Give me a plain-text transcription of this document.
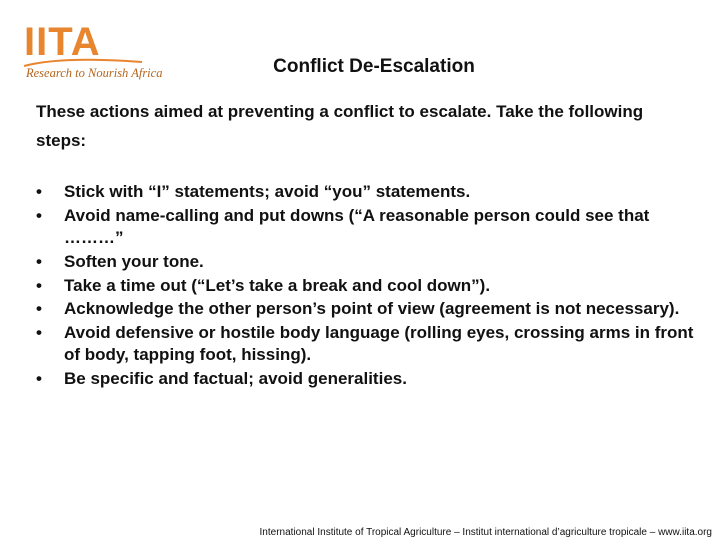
IITA
Research to Nourish Africa	Conflict De-Escalation
These actions aimed at preventing a conflict to escalate. Take the following steps:
• Stick with “I” statements; avoid “you” statements.
• Avoid name-calling and put downs (“A reasonable person could see that ………”
• Soften your tone.
• Take a time out (“Let’s take a break and cool down”).
• Acknowledge the other person’s point of view (agreement is not necessary).
• Avoid defensive or hostile body language (rolling eyes, crossing arms in front of body, tapping foot, hissing).
• Be specific and factual; avoid generalities.
International Institute of Tropical Agriculture – Institut international d’agriculture tropicale – www.iita.org
